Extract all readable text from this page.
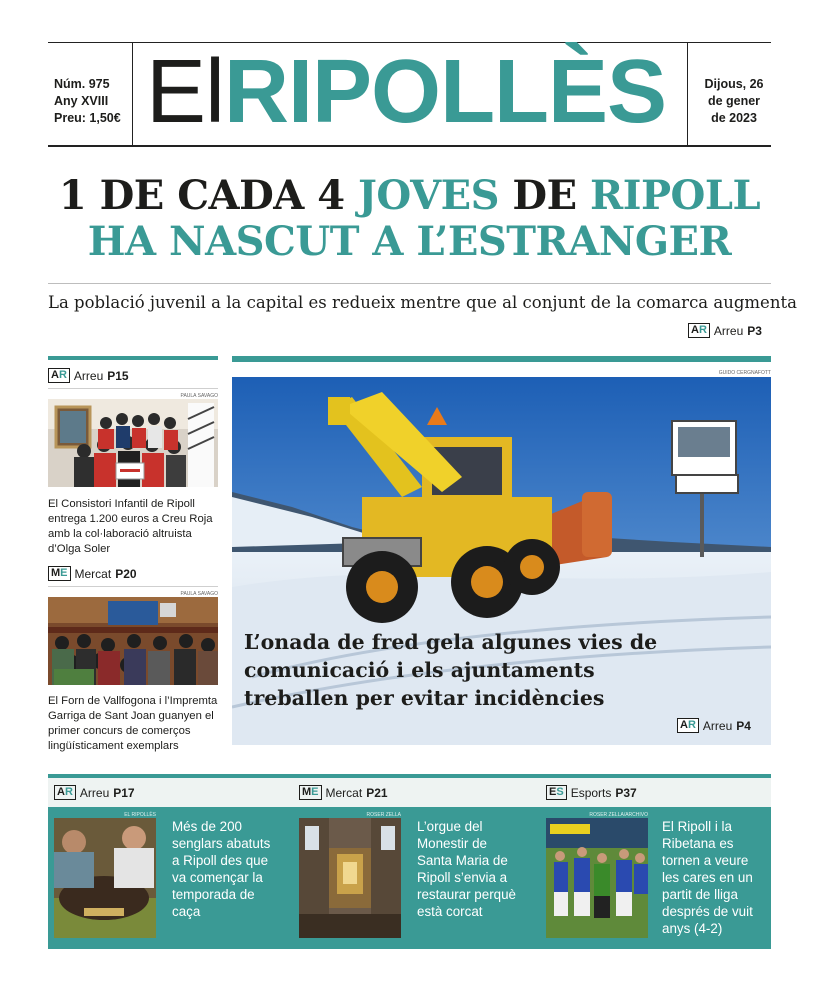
Núm. 975
Any XVIII
Preu: 1,50€ ElRIPOLLÈS	Dijous, 26
de gener
de 2023
1 DE CADA 4 JOVES DE RIPOLL
HA NASCUT A L’ESTRANGER
La població juvenil a la capital es redueix mentre que al conjunt de la comarca augmenta
AR Arreu P3
AR Arreu P15
PAULA SAVAGO
El Consistori Infantil de Ripoll entrega 1.200 euros a Creu Roja amb la col·laboració altruista d’Olga Soler
ME Mercat P20
PAULA SAVAGO
El Forn de Vallfogona i l’Impremta Garriga de Sant Joan guanyen el primer concurs de comerços lingüísticament exemplars
GUIDO CERGNAFOTT
L’onada de fred gela algunes vies de comunicació i els ajuntaments treballen per evitar incidències
AR Arreu P4
AR Arreu P17	ME Mercat P21	ES Esports P37
EL RIPOLLÈS
Més de 200 senglars abatuts a Ripoll des que va començar la temporada de caça
ROSER ZELLA
L’orgue del Monestir de Santa Maria de Ripoll s’envia a restaurar perquè està corcat
ROSER ZELLA/ARCHIVO
El Ripoll i la Ribetana es tornen a veure les cares en un partit de lliga després de vuit anys (4-2)
